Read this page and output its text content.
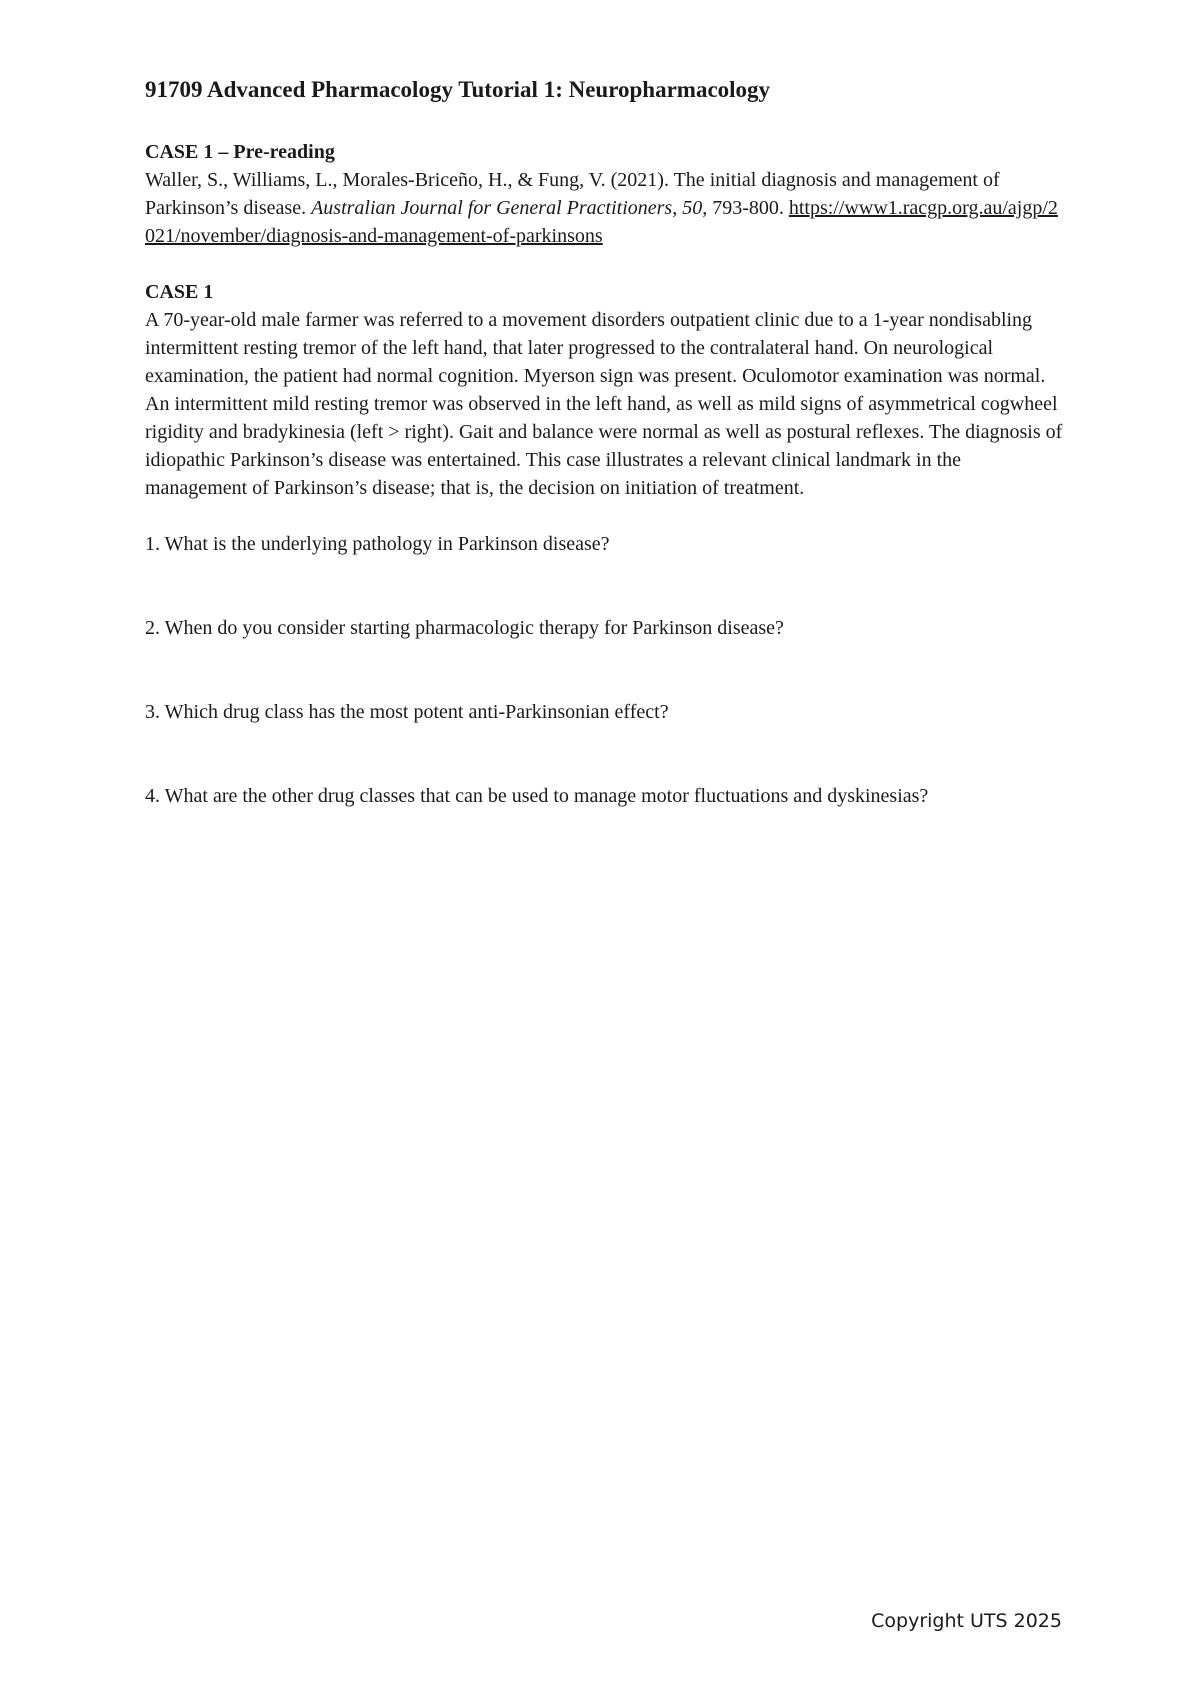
91709 Advanced Pharmacology Tutorial 1: Neuropharmacology

CASE 1 – Pre-reading

Waller, S., Williams, L., Morales-Briceño, H., & Fung, V. (2021). The initial diagnosis and management of Parkinson’s disease. Australian Journal for General Practitioners, 50, 793-800. https://www1.racgp.org.au/ajgp/2021/november/diagnosis-and-management-of-parkinsons

CASE 1

A 70-year-old male farmer was referred to a movement disorders outpatient clinic due to a 1-year nondisabling intermittent resting tremor of the left hand, that later progressed to the contralateral hand. On neurological examination, the patient had normal cognition. Myerson sign was present. Oculomotor examination was normal. An intermittent mild resting tremor was observed in the left hand, as well as mild signs of asymmetrical cogwheel rigidity and bradykinesia (left > right). Gait and balance were normal as well as postural reflexes. The diagnosis of idiopathic Parkinson’s disease was entertained. This case illustrates a relevant clinical landmark in the management of Parkinson’s disease; that is, the decision on initiation of treatment.

1. What is the underlying pathology in Parkinson disease?

2. When do you consider starting pharmacologic therapy for Parkinson disease?

3. Which drug class has the most potent anti-Parkinsonian effect?

4. What are the other drug classes that can be used to manage motor fluctuations and dyskinesias?

Copyright UTS 2025
